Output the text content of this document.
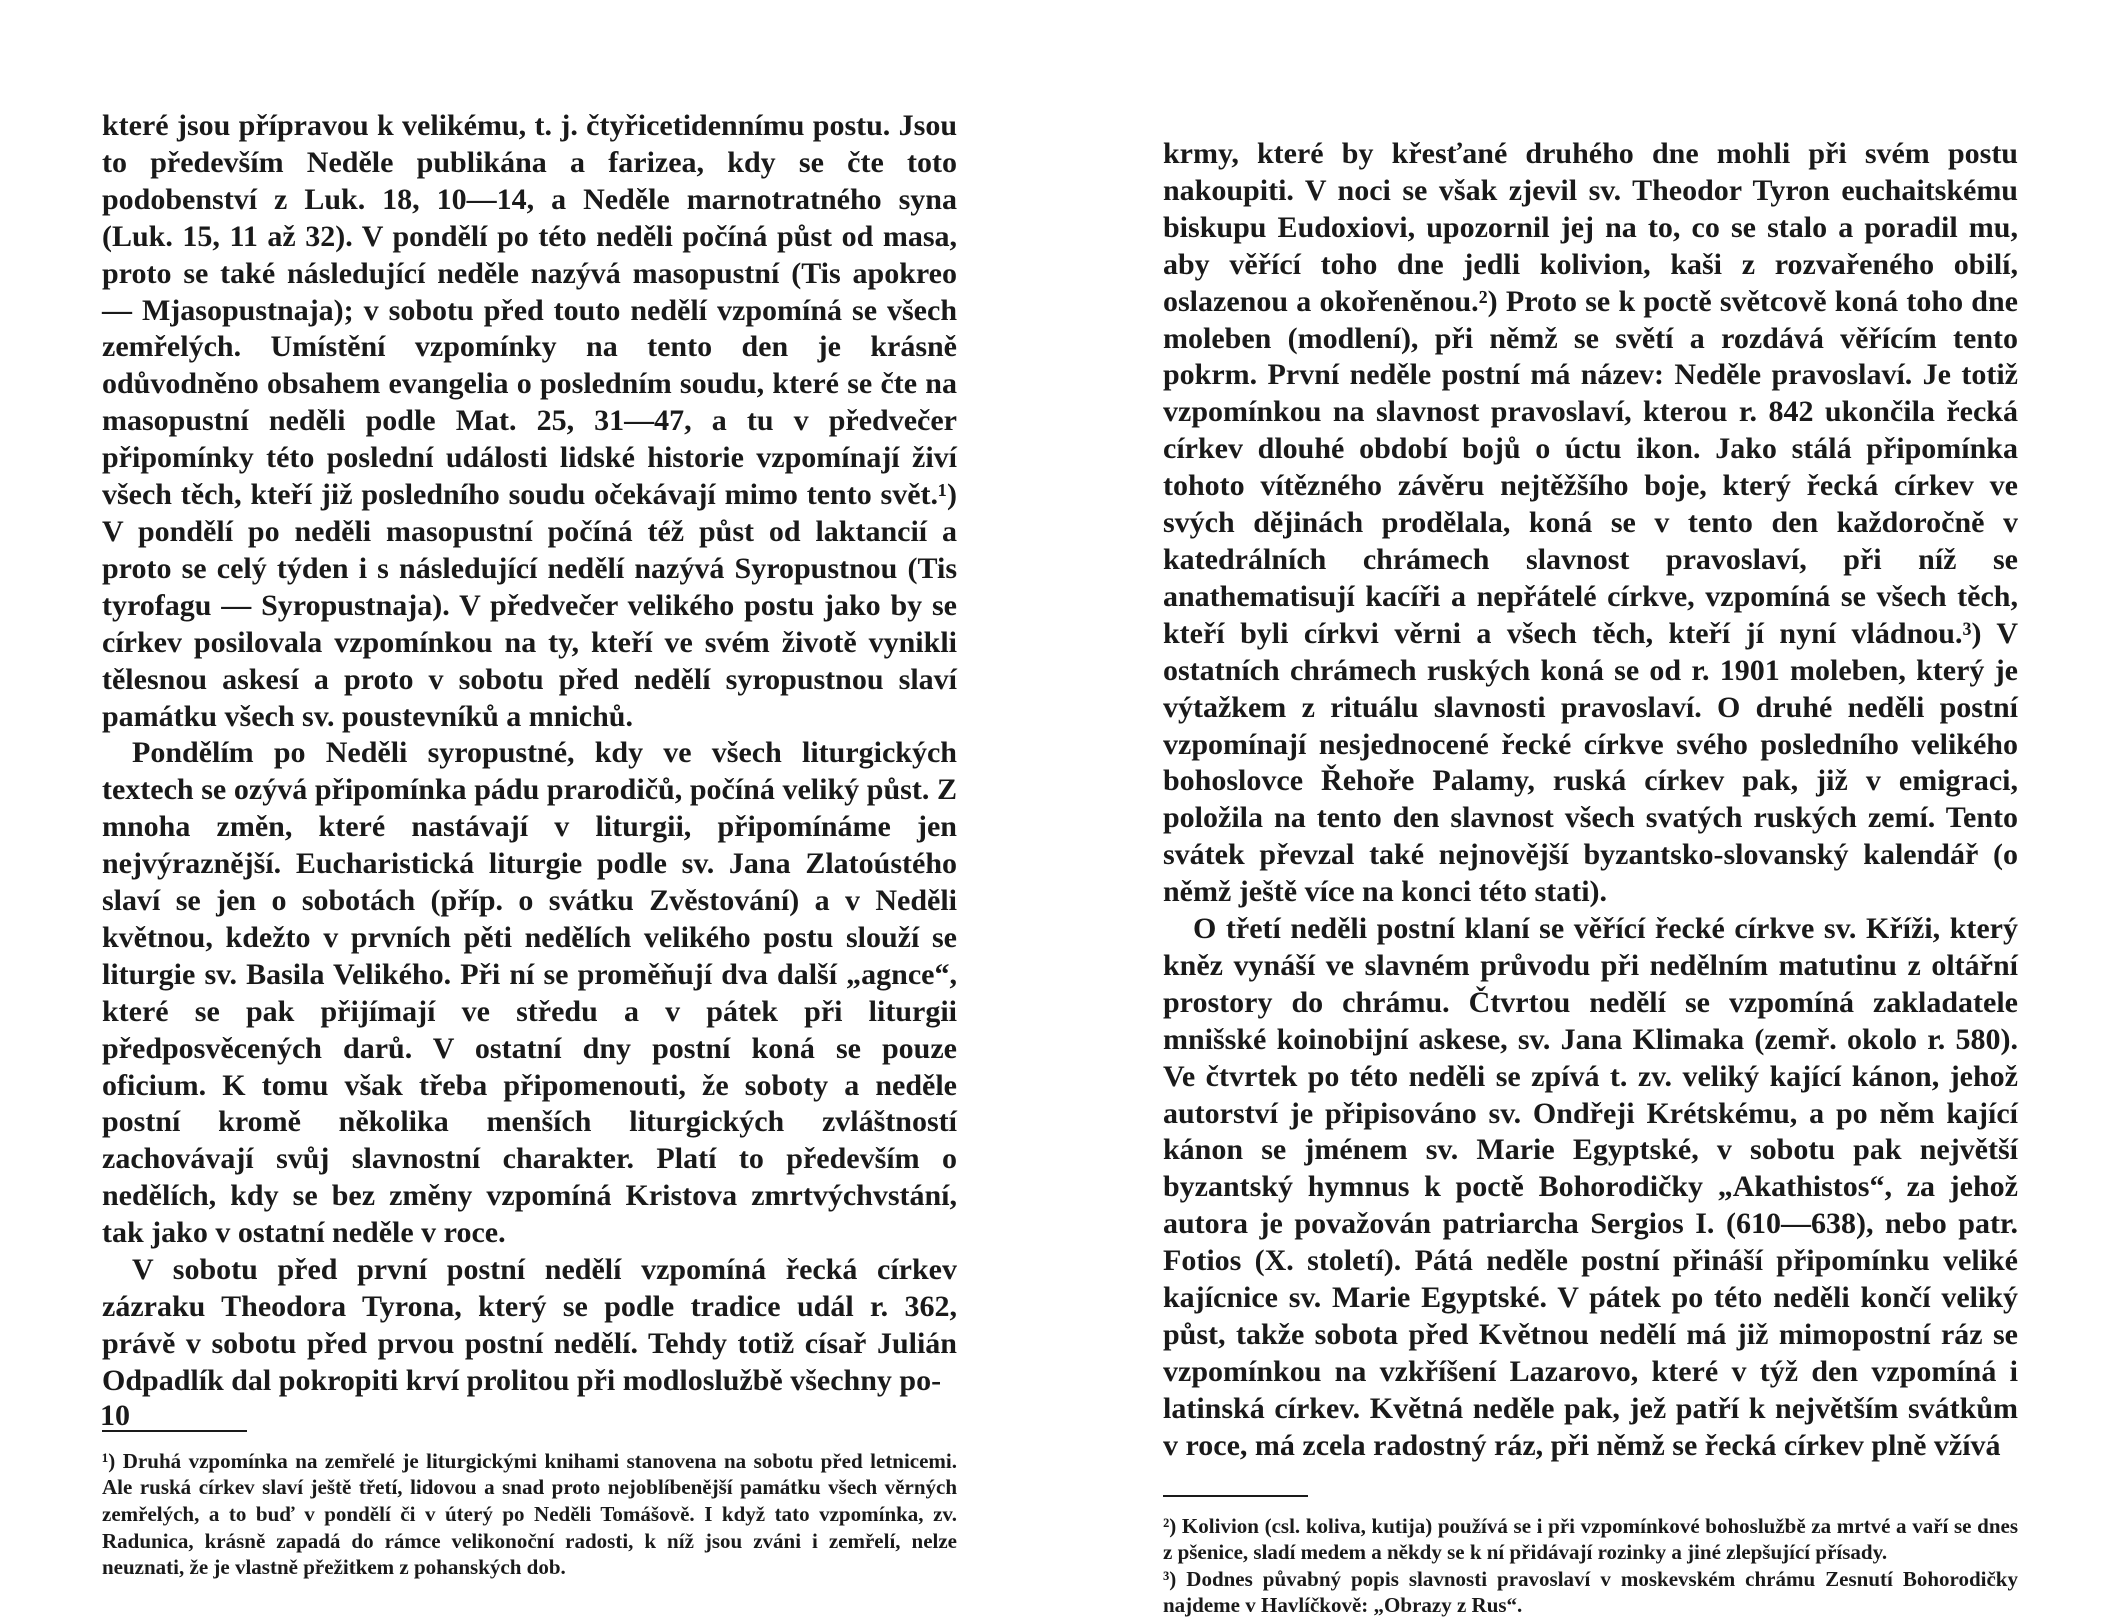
které jsou přípravou k velikému, t. j. čtyřicetidennímu postu. Jsou to především Neděle publikána a farizea, kdy se čte toto podobenství z Luk. 18, 10—14, a Neděle marnotratného syna (Luk. 15, 11 až 32). V pondělí po této neděli počíná půst od masa, proto se také následující neděle nazývá masopustní (Tis apokreo — Mjasopustnaja); v sobotu před touto nedělí vzpomíná se všech zemřelých. Umístění vzpomínky na tento den je krásně odůvodněno obsahem evangelia o posledním soudu, které se čte na masopustní neděli podle Mat. 25, 31—47, a tu v předvečer připomínky této poslední události lidské historie vzpomínají živí všech těch, kteří již posledního soudu očekávají mimo tento svět.¹) V pondělí po neděli masopustní počíná též půst od laktancií a proto se celý týden i s následující nedělí nazývá Syropustnou (Tis tyrofagu — Syropustnaja). V předvečer velikého postu jako by se církev posilovala vzpomínkou na ty, kteří ve svém životě vynikli tělesnou askesí a proto v sobotu před nedělí syropustnou slaví památku všech sv. poustevníků a mnichů.

Pondělím po Neděli syropustné, kdy ve všech liturgických textech se ozývá připomínka pádu prarodičů, počíná veliký půst. Z mnoha změn, které nastávají v liturgii, připomínáme jen nejvýraznější. Eucharistická liturgie podle sv. Jana Zlatoústého slaví se jen o sobotách (příp. o svátku Zvěstování) a v Neděli květnou, kdežto v prvních pěti nedělích velikého postu slouží se liturgie sv. Basila Velikého. Při ní se proměňují dva další „agnce“, které se pak přijímají ve středu a v pátek při liturgii předposvěcených darů. V ostatní dny postní koná se pouze oficium. K tomu však třeba připomenouti, že soboty a neděle postní kromě několika menších liturgických zvláštností zachovávají svůj slavnostní charakter. Platí to především o nedělích, kdy se bez změny vzpomíná Kristova zmrtvýchvstání, tak jako v ostatní neděle v roce.

V sobotu před první postní nedělí vzpomíná řecká církev zázraku Theodora Tyrona, který se podle tradice udál r. 362, právě v sobotu před prvou postní nedělí. Tehdy totiž císař Julián Odpadlík dal pokropiti krví prolitou při modloslužbě všechny po-

¹) Druhá vzpomínka na zemřelé je liturgickými knihami stanovena na sobotu před letnicemi. Ale ruská církev slaví ještě třetí, lidovou a snad proto nejoblíbenější památku všech věrných zemřelých, a to buď v pondělí či v úterý po Neděli Tomášově. I když tato vzpomínka, zv. Radunica, krásně zapadá do rámce velikonoční radosti, k níž jsou zváni i zemřelí, nelze neuznati, že je vlastně přežitkem z pohanských dob.

10

krmy, které by křesťané druhého dne mohli při svém postu nakoupiti. V noci se však zjevil sv. Theodor Tyron euchaitskému biskupu Eudoxiovi, upozornil jej na to, co se stalo a poradil mu, aby věřící toho dne jedli kolivion, kaši z rozvařeného obilí, oslazenou a okořeněnou.²) Proto se k poctě světcově koná toho dne moleben (modlení), při němž se světí a rozdává věřícím tento pokrm. První neděle postní má název: Neděle pravoslaví. Je totiž vzpomínkou na slavnost pravoslaví, kterou r. 842 ukončila řecká církev dlouhé období bojů o úctu ikon. Jako stálá připomínka tohoto vítězného závěru nejtěžšího boje, který řecká církev ve svých dějinách prodělala, koná se v tento den každoročně v katedrálních chrámech slavnost pravoslaví, při níž se anathematisují kacíři a nepřátelé církve, vzpomíná se všech těch, kteří byli církvi věrni a všech těch, kteří jí nyní vládnou.³) V ostatních chrámech ruských koná se od r. 1901 moleben, který je výtažkem z rituálu slavnosti pravoslaví. O druhé neděli postní vzpomínají nesjednocené řecké církve svého posledního velikého bohoslovce Řehoře Palamy, ruská církev pak, již v emigraci, položila na tento den slavnost všech svatých ruských zemí. Tento svátek převzal také nejnovější byzantsko-slovanský kalendář (o němž ještě více na konci této stati).

O třetí neděli postní klaní se věřící řecké církve sv. Kříži, který kněz vynáší ve slavném průvodu při nedělním matutinu z oltářní prostory do chrámu. Čtvrtou nedělí se vzpomíná zakladatele mnišské koinobijní askese, sv. Jana Klimaka (zemř. okolo r. 580). Ve čtvrtek po této neděli se zpívá t. zv. veliký kající kánon, jehož autorství je připisováno sv. Ondřeji Krétskému, a po něm kající kánon se jménem sv. Marie Egyptské, v sobotu pak největší byzantský hymnus k poctě Bohorodičky „Akathistos“, za jehož autora je považován patriarcha Sergios I. (610—638), nebo patr. Fotios (X. století). Pátá neděle postní přináší připomínku veliké kajícnice sv. Marie Egyptské. V pátek po této neděli končí veliký půst, takže sobota před Květnou nedělí má již mimopostní ráz se vzpomínkou na vzkříšení Lazarovo, které v týž den vzpomíná i latinská církev. Květná neděle pak, jež patří k největším svátkům v roce, má zcela radostný ráz, při němž se řecká církev plně vžívá

²) Kolivion (csl. koliva, kutija) používá se i při vzpomínkové bohoslužbě za mrtvé a vaří se dnes z pšenice, sladí medem a někdy se k ní přidávají rozinky a jiné zlepšující přísady.

³) Dodnes půvabný popis slavnosti pravoslaví v moskevském chrámu Zesnutí Bohorodičky najdeme v Havlíčkově: „Obrazy z Rus“.
